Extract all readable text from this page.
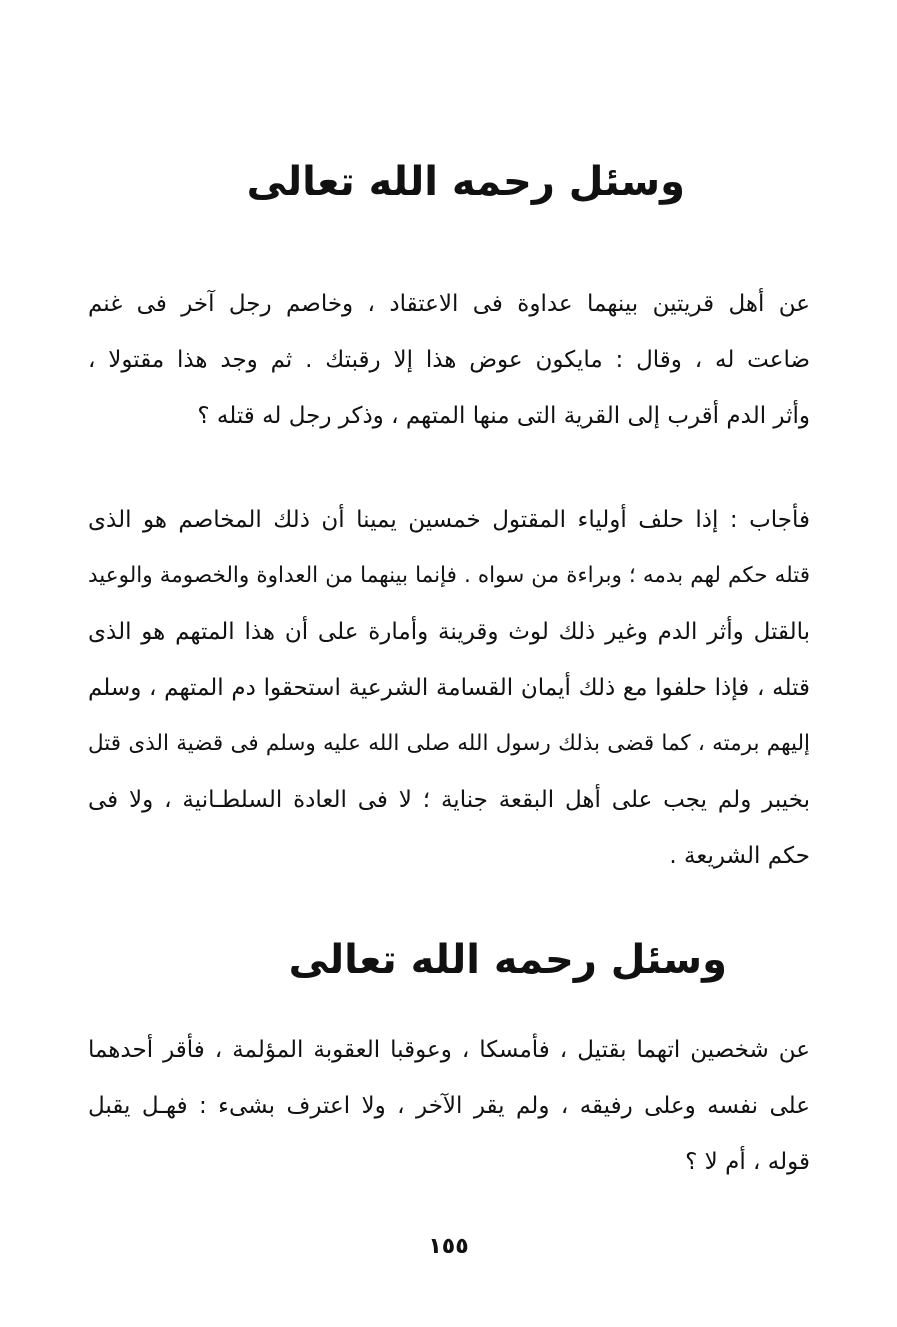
وسئل رحمه الله تعالى
عن أهل قريتين بينهما عداوة فى الاعتقاد ، وخاصم رجل آخر فى غنم
ضاعت له ، وقال : مايكون عوض هذا إلا رقبتك . ثم وجد هذا مقتولا ،
وأثر الدم أقرب إلى القرية التى منها المتهم ، وذكر رجل له قتله ؟
فأجاب : إذا حلف أولياء المقتول خمسين يمينا أن ذلك المخاصم هو الذى
قتله حكم لهم بدمه ؛ وبراءة من سواه . فإنما بينهما من العداوة والخصومة والوعيد
بالقتل وأثر الدم وغير ذلك لوث وقرينة وأمارة على أن هذا المتهم هو الذى
قتله ، فإذا حلفوا مع ذلك أيمان القسامة الشرعية استحقوا دم المتهم ، وسلم
إليهم برمته ، كما قضى بذلك رسول الله صلى الله عليه وسلم فى قضية الذى قتل
بخيبر ولم يجب على أهل البقعة جناية ؛ لا فى العادة السلطـانية ، ولا فى
حكم الشريعة .
وسئل رحمه الله تعالى
عن شخصين اتهما بقتيل ، فأمسكا ، وعوقبا العقوبة المؤلمة ، فأقر أحدهما
على نفسه وعلى رفيقه ، ولم يقر الآخر ، ولا اعترف بشىء : فهـل يقبل
قوله ، أم لا ؟
١٥٥
